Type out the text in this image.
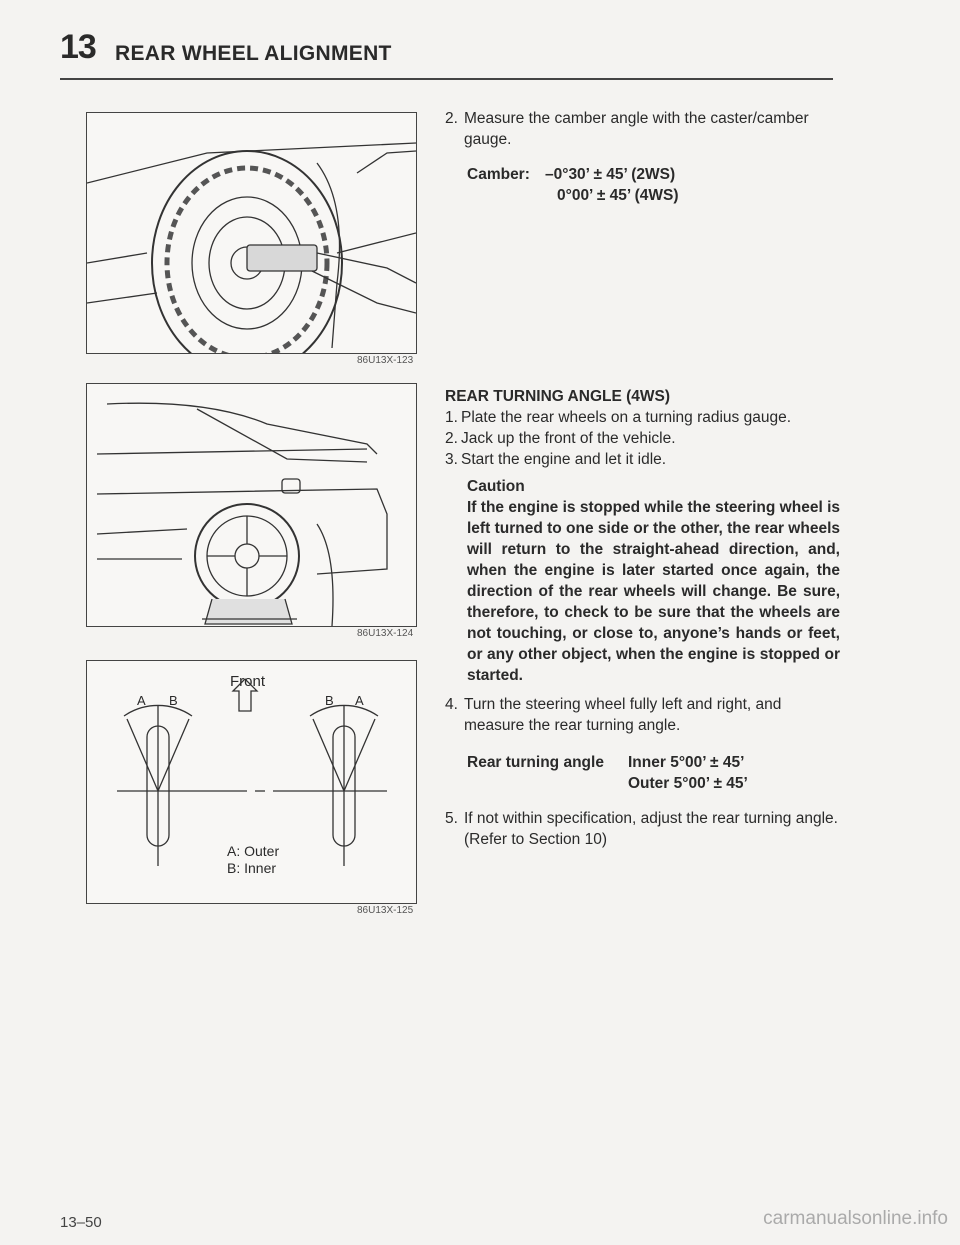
13 REAR WHEEL ALIGNMENT
86U13X-123
86U13X-124
Front
A B	B A
A: Outer
B: Inner
86U13X-125
2. Measure the camber angle with the caster/camber gauge.
Camber: –0°30’ ± 45’ (2WS)
0°00’ ± 45’ (4WS)
REAR TURNING ANGLE (4WS)
1. Plate the rear wheels on a turning radius gauge.
2. Jack up the front of the vehicle.
3. Start the engine and let it idle.
Caution
If the engine is stopped while the steering wheel is left turned to one side or the other, the rear wheels will return to the straight-ahead direction, and, when the engine is later started once again, the direction of the rear wheels will change. Be sure, therefore, to check to be sure that the wheels are not touching, or close to, anyone’s hands or feet, or any other object, when the engine is stopped or started.
4. Turn the steering wheel fully left and right, and measure the rear turning angle.
Rear turning angle Inner 5°00’ ± 45’
Outer 5°00’ ± 45’
5. If not within specification, adjust the rear turning angle. (Refer to Section 10)
13–50	carmanualsonline.info
